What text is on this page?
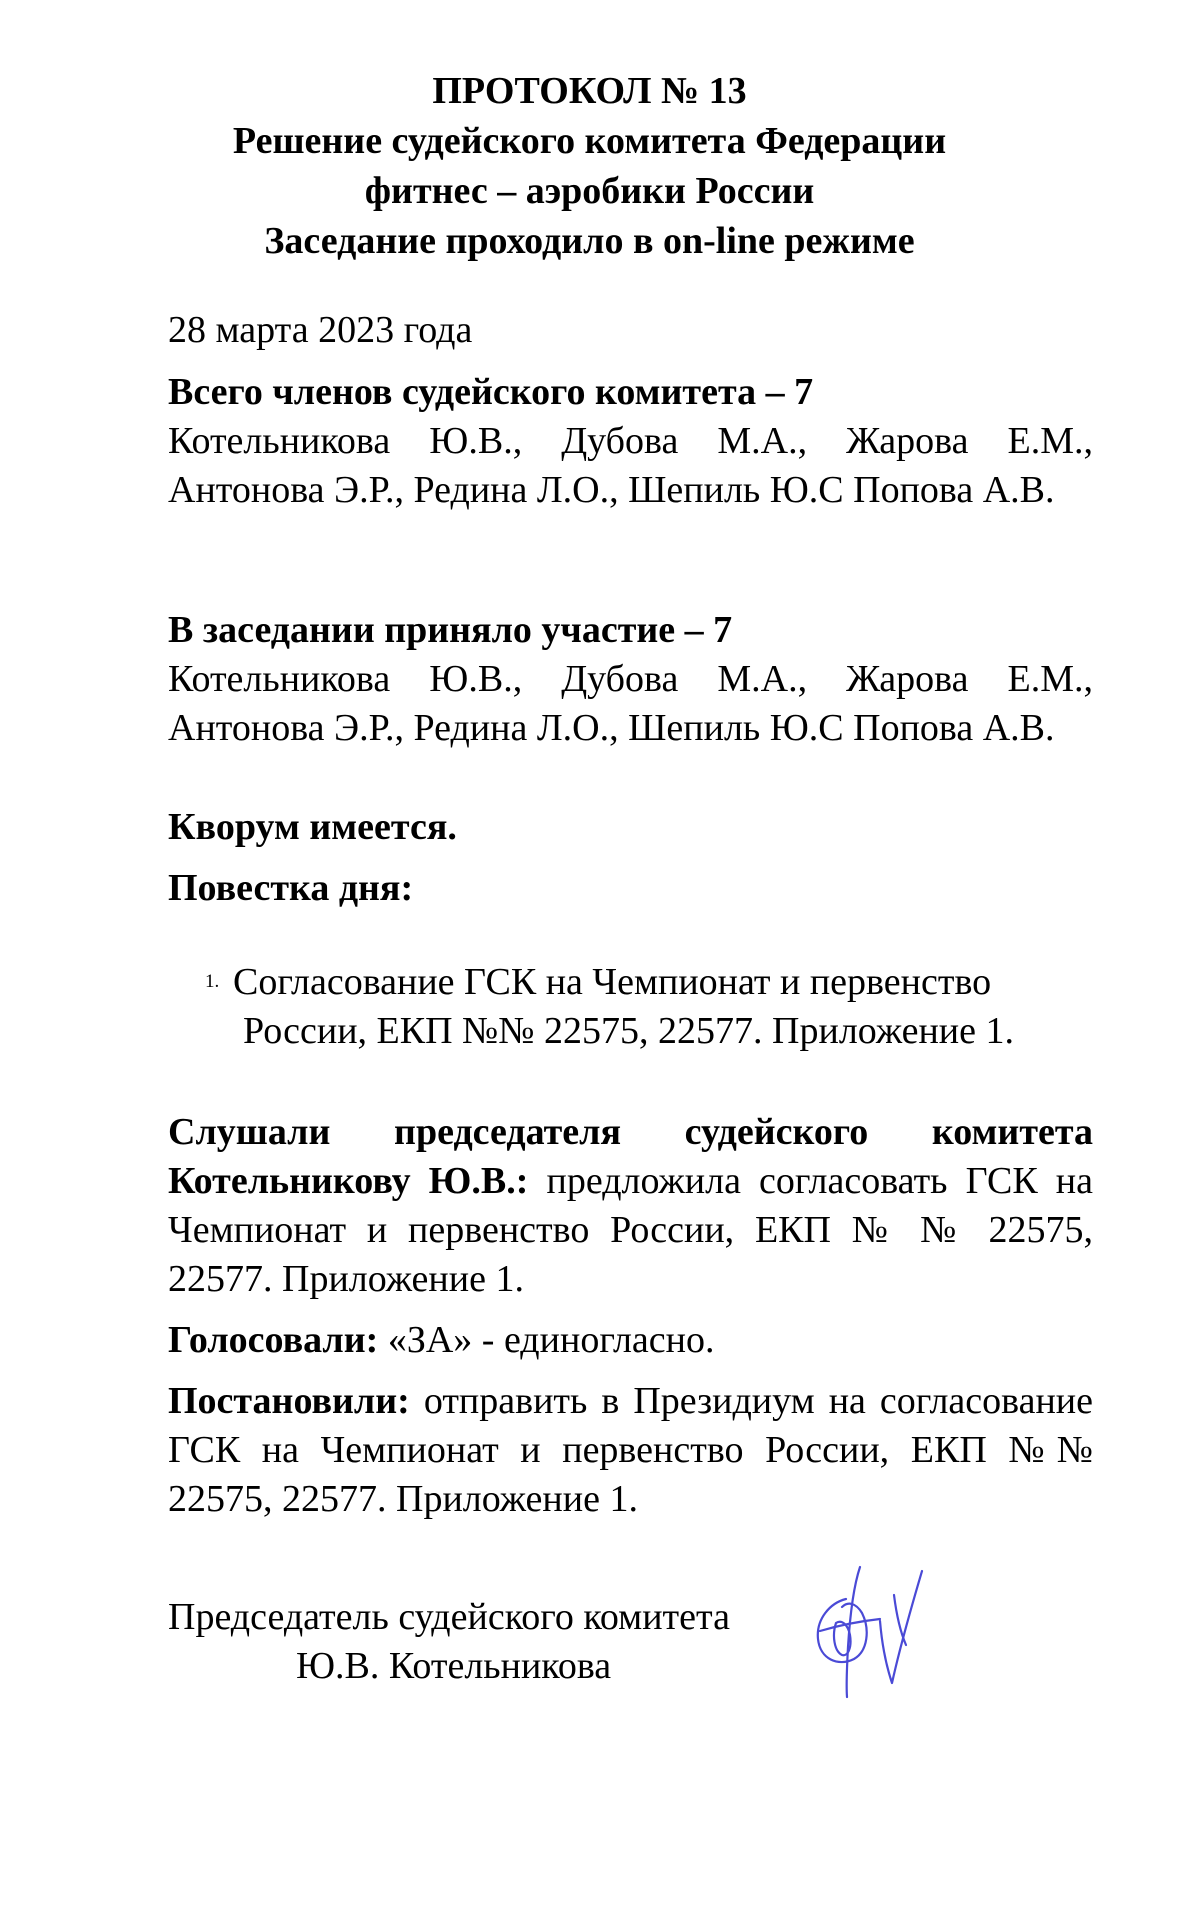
ПРОТОКОЛ № 13
Решение судейского комитета Федерации
фитнес – аэробики России
Заседание проходило в on-line режиме
28 марта 2023 года
Всего членов судейского комитета – 7
Котельникова Ю.В., Дубова М.А., Жарова Е.М., Антонова Э.Р., Редина Л.О., Шепиль Ю.С Попова А.В.
В заседании приняло участие – 7
Котельникова Ю.В., Дубова М.А., Жарова Е.М., Антонова Э.Р., Редина Л.О., Шепиль Ю.С Попова А.В.
Кворум имеется.
Повестка дня:
1. Согласование ГСК на Чемпионат и первенство
России, ЕКП №№ 22575, 22577. Приложение 1.
Слушали председателя судейского комитета Котельникову Ю.В.: предложила согласовать ГСК на Чемпионат и первенство России, ЕКП № № 22575, 22577. Приложение 1.
Голосовали: «ЗА» - единогласно.
Постановили: отправить в Президиум на согласование ГСК на Чемпионат и первенство России, ЕКП №№ 22575, 22577. Приложение 1.
Председатель судейского комитета
Ю.В. Котельникова
